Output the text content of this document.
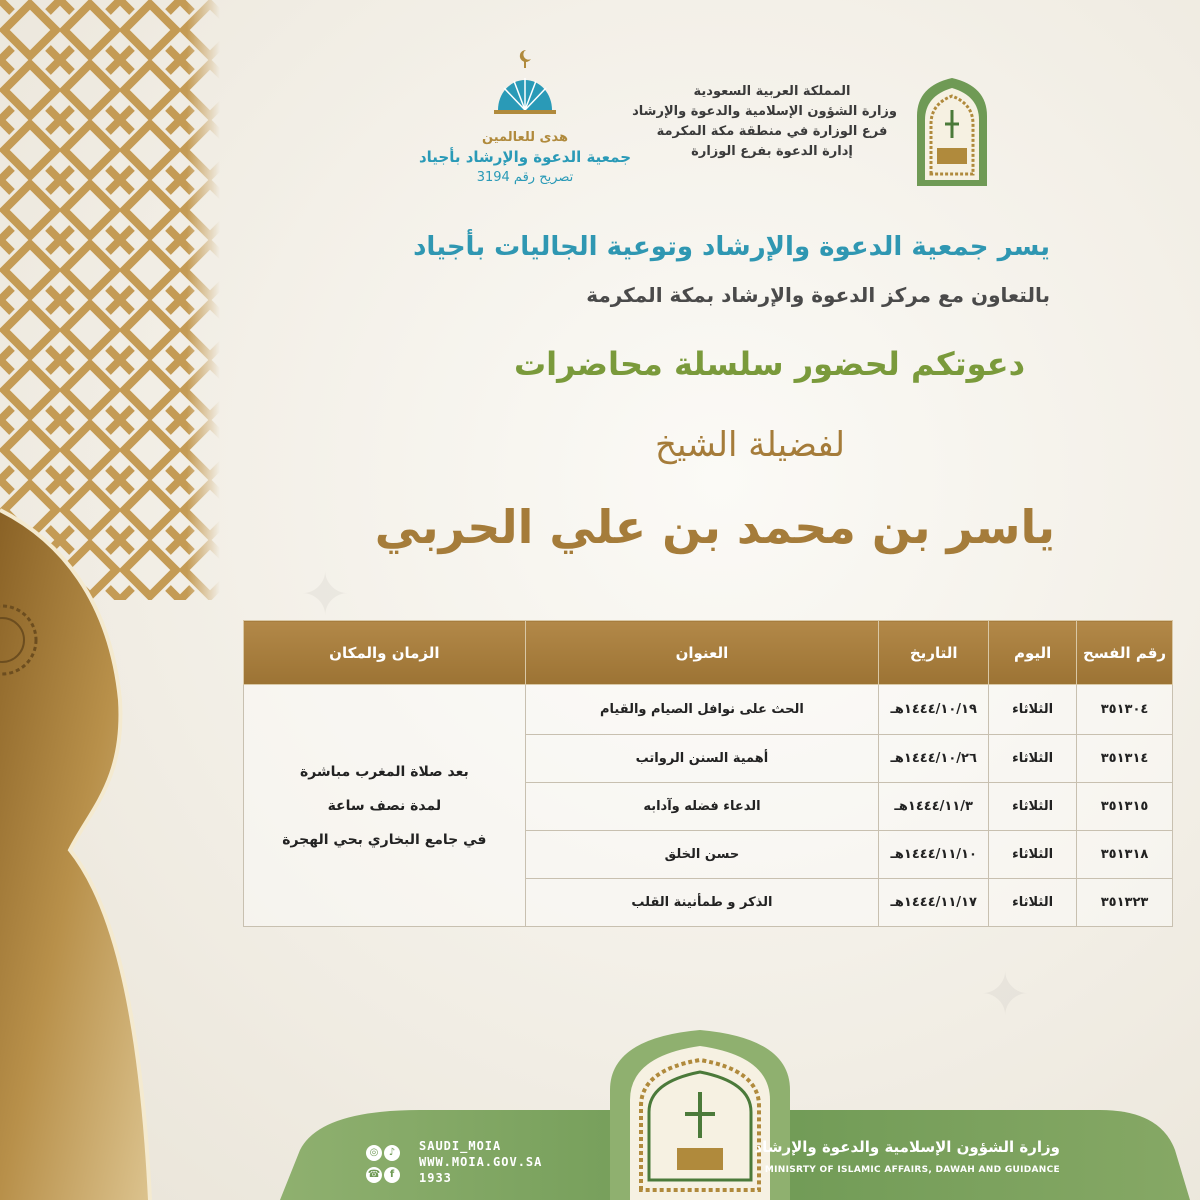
هدى للعالمين
جمعية الدعوة والإرشاد بأجياد
تصريح رقم 3194
المملكة العربية السعودية
وزارة الشؤون الإسلامية والدعوة والإرشاد
فرع الوزارة في منطقة مكة المكرمة
إدارة الدعوة بفرع الوزارة
يسر جمعية الدعوة والإرشاد وتوعية الجاليات بأجياد
بالتعاون مع مركز الدعوة والإرشاد بمكة المكرمة
دعوتكم لحضور سلسلة محاضرات
لفضيلة الشيخ
ياسر بن محمد بن علي الحربي
رقم الفسح	اليوم	التاريخ	العنوان	الزمان والمكان
٣٥١٣٠٤	الثلاثاء	١٤٤٤/١٠/١٩هـ	الحث على نوافل الصيام والقيام	بعد صلاة المغرب مباشرة
لمدة نصف ساعة
في جامع البخاري بحي الهجرة

٣٥١٣١٤	الثلاثاء	١٤٤٤/١٠/٢٦هـ	أهمية السنن الرواتب	
٣٥١٣١٥	الثلاثاء	١٤٤٤/١١/٣هـ	الدعاء فضله وآدابه	
٣٥١٣١٨	الثلاثاء	١٤٤٤/١١/١٠هـ	حسن الخلق	
٣٥١٣٢٣	الثلاثاء	١٤٤٤/١١/١٧هـ	الذكر و طمأنينة القلب	
وزارة الشؤون الإسلامية والدعوة والإرشاد
MINISRTY OF ISLAMIC AFFAIRS, DAWAH AND GUIDANCE
◎ ♪ ☎ f
SAUDI_MOIA
WWW.MOIA.GOV.SA
1933
